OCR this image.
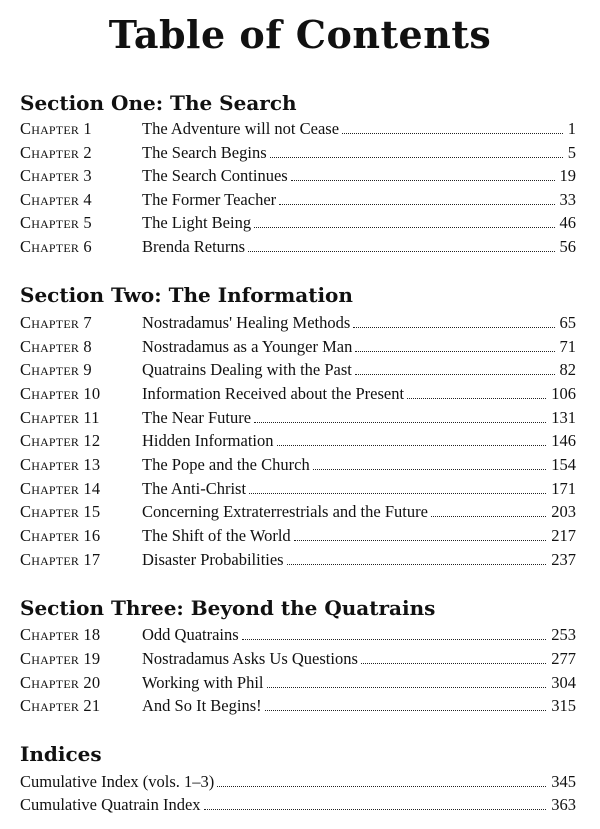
Table of Contents
Section One: The Search
Chapter 1	The Adventure will not Cease	1
Chapter 2	The Search Begins	5
Chapter 3	The Search Continues	19
Chapter 4	The Former Teacher	33
Chapter 5	The Light Being	46
Chapter 6	Brenda Returns	56
Section Two: The Information
Chapter 7	Nostradamus' Healing Methods	65
Chapter 8	Nostradamus as a Younger Man	71
Chapter 9	Quatrains Dealing with the Past	82
Chapter 10	Information Received about the Present	106
Chapter 11	The Near Future	131
Chapter 12	Hidden Information	146
Chapter 13	The Pope and the Church	154
Chapter 14	The Anti-Christ	171
Chapter 15	Concerning Extraterrestrials and the Future	203
Chapter 16	The Shift of the World	217
Chapter 17	Disaster Probabilities	237
Section Three: Beyond the Quatrains
Chapter 18	Odd Quatrains	253
Chapter 19	Nostradamus Asks Us Questions	277
Chapter 20	Working with Phil	304
Chapter 21	And So It Begins!	315
Indices
Cumulative Index (vols. 1–3)	345
Cumulative Quatrain Index	363
